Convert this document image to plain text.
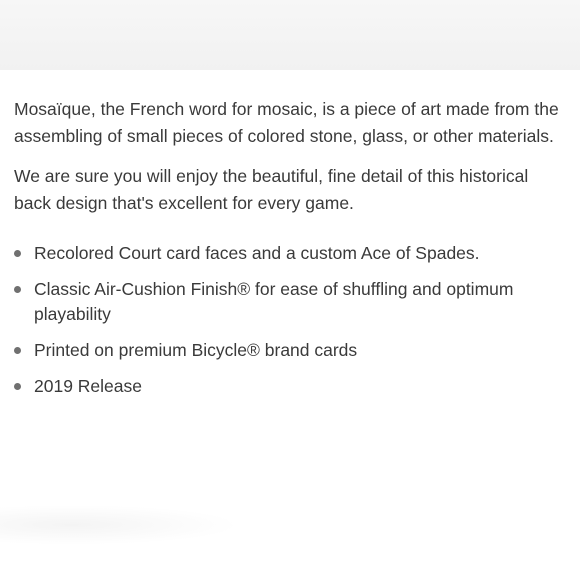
Mosaïque, the French word for mosaic, is a piece of art made from the assembling of small pieces of colored stone, glass, or other materials.

We are sure you will enjoy the beautiful, fine detail of this historical back design that's excellent for every game.

Recolored Court card faces and a custom Ace of Spades.
Classic Air-Cushion Finish® for ease of shuffling and optimum playability
Printed on premium Bicycle® brand cards
2019 Release
